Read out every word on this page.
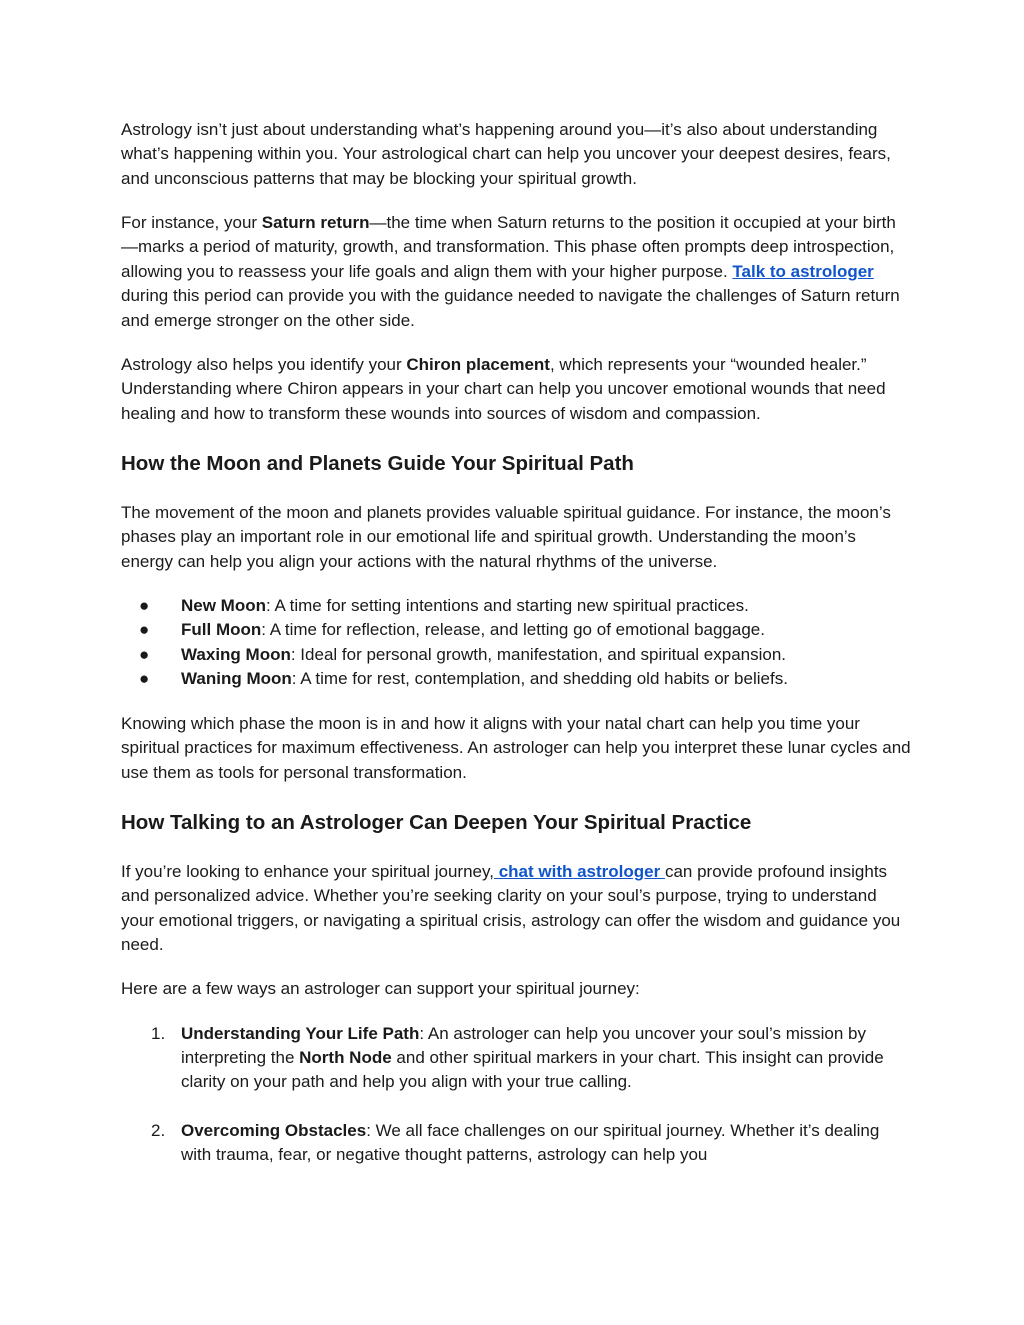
Astrology isn’t just about understanding what’s happening around you—it’s also about understanding what’s happening within you. Your astrological chart can help you uncover your deepest desires, fears, and unconscious patterns that may be blocking your spiritual growth.

For instance, your Saturn return—the time when Saturn returns to the position it occupied at your birth—marks a period of maturity, growth, and transformation. This phase often prompts deep introspection, allowing you to reassess your life goals and align them with your higher purpose. Talk to astrologer during this period can provide you with the guidance needed to navigate the challenges of Saturn return and emerge stronger on the other side.

Astrology also helps you identify your Chiron placement, which represents your “wounded healer.” Understanding where Chiron appears in your chart can help you uncover emotional wounds that need healing and how to transform these wounds into sources of wisdom and compassion.

How the Moon and Planets Guide Your Spiritual Path

The movement of the moon and planets provides valuable spiritual guidance. For instance, the moon’s phases play an important role in our emotional life and spiritual growth. Understanding the moon’s energy can help you align your actions with the natural rhythms of the universe.

● New Moon: A time for setting intentions and starting new spiritual practices.
● Full Moon: A time for reflection, release, and letting go of emotional baggage.
● Waxing Moon: Ideal for personal growth, manifestation, and spiritual expansion.
● Waning Moon: A time for rest, contemplation, and shedding old habits or beliefs.

Knowing which phase the moon is in and how it aligns with your natal chart can help you time your spiritual practices for maximum effectiveness. An astrologer can help you interpret these lunar cycles and use them as tools for personal transformation.

How Talking to an Astrologer Can Deepen Your Spiritual Practice

If you’re looking to enhance your spiritual journey, chat with astrologer can provide profound insights and personalized advice. Whether you’re seeking clarity on your soul’s purpose, trying to understand your emotional triggers, or navigating a spiritual crisis, astrology can offer the wisdom and guidance you need.

Here are a few ways an astrologer can support your spiritual journey:

1. Understanding Your Life Path: An astrologer can help you uncover your soul’s mission by interpreting the North Node and other spiritual markers in your chart. This insight can provide clarity on your path and help you align with your true calling.
2. Overcoming Obstacles: We all face challenges on our spiritual journey. Whether it’s dealing with trauma, fear, or negative thought patterns, astrology can help you
